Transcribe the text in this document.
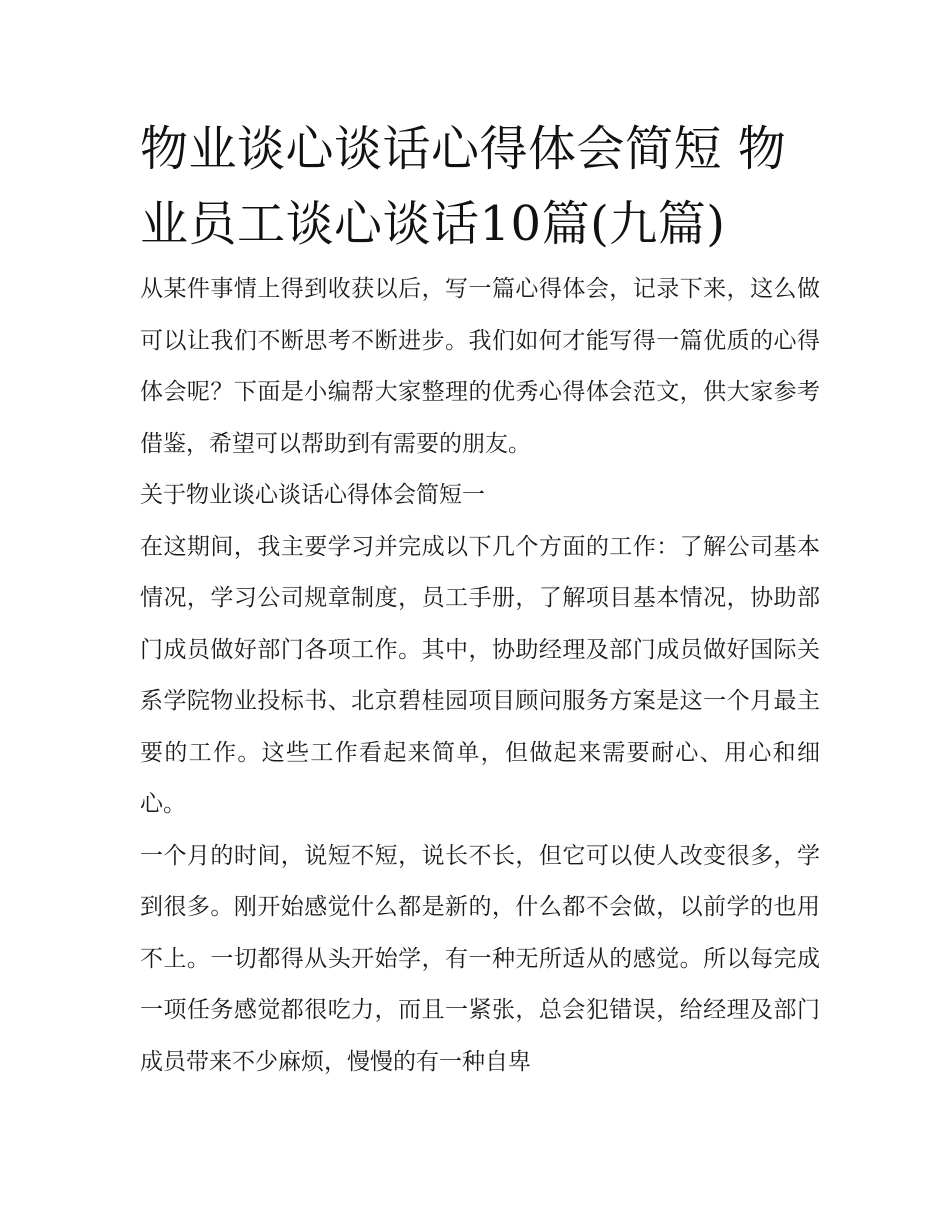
物业谈心谈话心得体会简短 物业员工谈心谈话10篇(九篇)

从某件事情上得到收获以后，写一篇心得体会，记录下来，这么做可以让我们不断思考不断进步。我们如何才能写得一篇优质的心得体会呢？下面是小编帮大家整理的优秀心得体会范文，供大家参考借鉴，希望可以帮助到有需要的朋友。

关于物业谈心谈话心得体会简短一

在这期间，我主要学习并完成以下几个方面的工作：了解公司基本情况，学习公司规章制度，员工手册，了解项目基本情况，协助部门成员做好部门各项工作。其中，协助经理及部门成员做好国际关系学院物业投标书、北京碧桂园项目顾问服务方案是这一个月最主要的工作。这些工作看起来简单，但做起来需要耐心、用心和细心。

一个月的时间，说短不短，说长不长，但它可以使人改变很多，学到很多。刚开始感觉什么都是新的，什么都不会做，以前学的也用不上。一切都得从头开始学，有一种无所适从的感觉。所以每完成一项任务感觉都很吃力，而且一紧张，总会犯错误，给经理及部门成员带来不少麻烦，慢慢的有一种自卑
